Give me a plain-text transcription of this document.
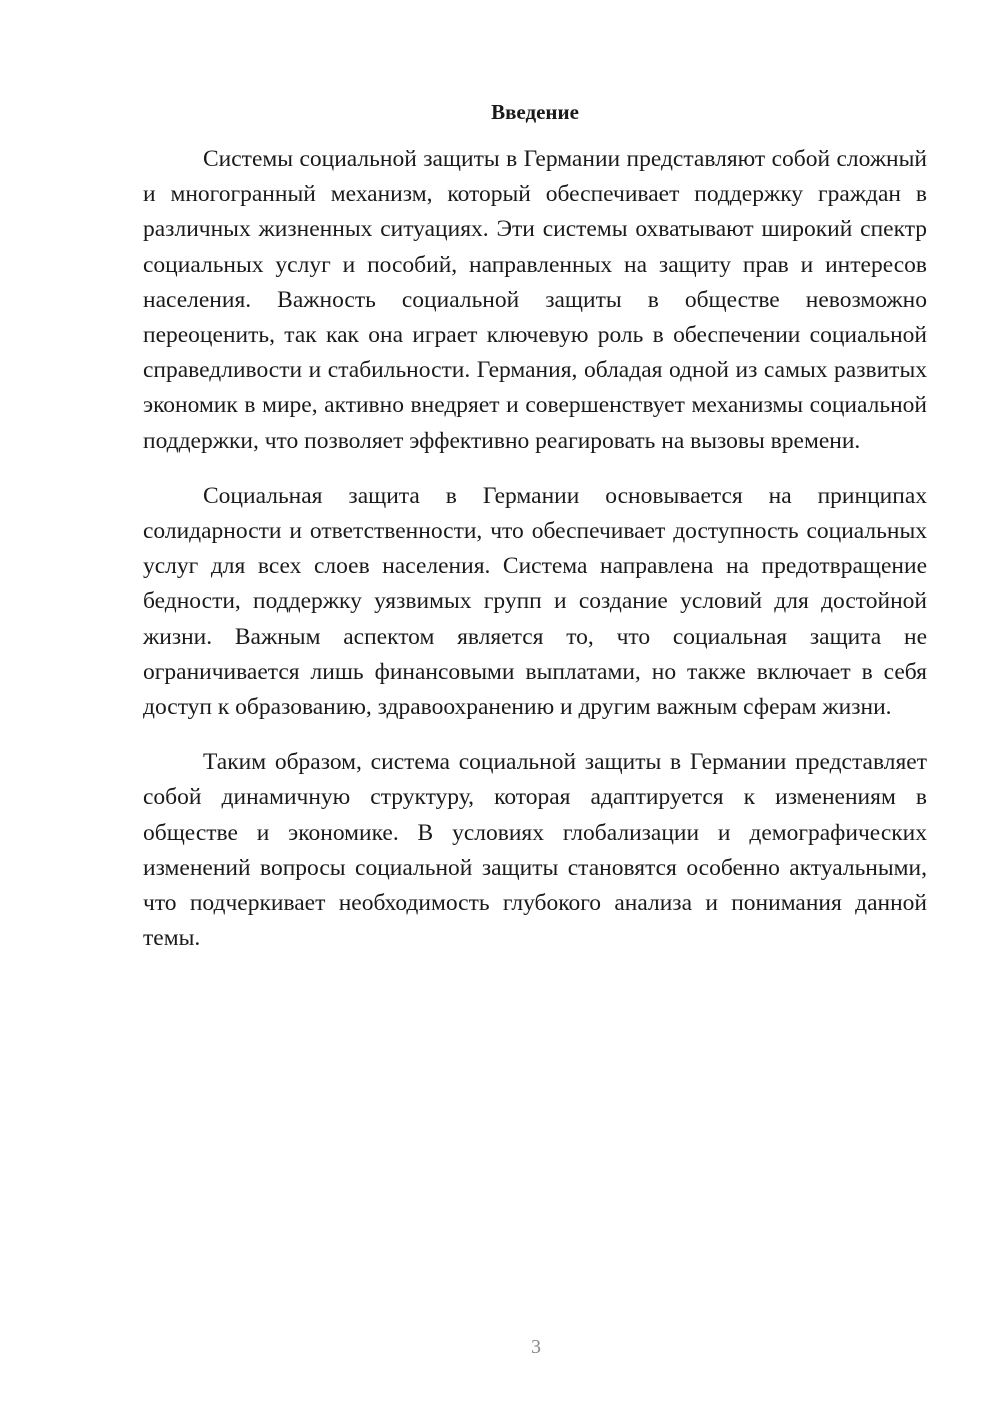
Введение

Системы социальной защиты в Германии представляют собой сложный и многогранный механизм, который обеспечивает поддержку граждан в различных жизненных ситуациях. Эти системы охватывают широкий спектр социальных услуг и пособий, направленных на защиту прав и интересов населения. Важность социальной защиты в обществе невозможно переоценить, так как она играет ключевую роль в обеспечении социальной справедливости и стабильности. Германия, обладая одной из самых развитых экономик в мире, активно внедряет и совершенствует механизмы социальной поддержки, что позволяет эффективно реагировать на вызовы времени.

Социальная защита в Германии основывается на принципах солидарности и ответственности, что обеспечивает доступность социальных услуг для всех слоев населения. Система направлена на предотвращение бедности, поддержку уязвимых групп и создание условий для достойной жизни. Важным аспектом является то, что социальная защита не ограничивается лишь финансовыми выплатами, но также включает в себя доступ к образованию, здравоохранению и другим важным сферам жизни.

Таким образом, система социальной защиты в Германии представляет собой динамичную структуру, которая адаптируется к изменениям в обществе и экономике. В условиях глобализации и демографических изменений вопросы социальной защиты становятся особенно актуальными, что подчеркивает необходимость глубокого анализа и понимания данной темы.

3
